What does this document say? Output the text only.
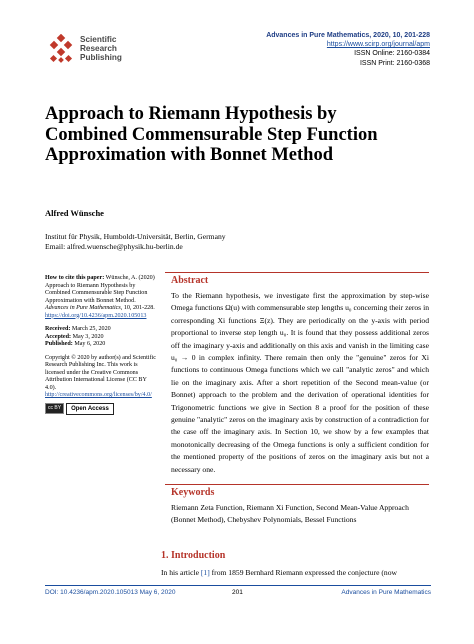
Scientific
Research
Publishing
Advances in Pure Mathematics, 2020, 10, 201-228
https://www.scirp.org/journal/apm
ISSN Online: 2160-0384
ISSN Print: 2160-0368
Approach to Riemann Hypothesis by Combined Commensurable Step Function Approximation with Bonnet Method
Alfred Wünsche
Institut für Physik, Humboldt-Universität, Berlin, Germany
Email: alfred.wuensche@physik.hu-berlin.de

How to cite this paper: Wünsche, A. (2020) Approach to Riemann Hypothesis by Combined Commensurable Step Function Approximation with Bonnet Method. Advances in Pure Mathematics, 10, 201-228. https://doi.org/10.4236/apm.2020.105013

Received: March 25, 2020
Accepted: May 3, 2020
Published: May 6, 2020

Copyright © 2020 by author(s) and Scientific Research Publishing Inc. This work is licensed under the Creative Commons Attribution International License (CC BY 4.0).
http://creativecommons.org/licenses/by/4.0/

cc BY	Open Access

Abstract
To the Riemann hypothesis, we investigate first the approximation by step-wise Omega functions Ω(u) with commensurable step lengths u₀ concerning their zeros in corresponding Xi functions Ξ(z). They are periodically on the y-axis with period proportional to inverse step length u₀. It is found that they possess additional zeros off the imaginary y-axis and additionally on this axis and vanish in the limiting case u₀ → 0 in complex infinity. There remain then only the "genuine" zeros for Xi functions to continuous Omega functions which we call "analytic zeros" and which lie on the imaginary axis. After a short repetition of the Second mean-value (or Bonnet) approach to the problem and the derivation of operational identities for Trigonometric functions we give in Section 8 a proof for the position of these genuine "analytic" zeros on the imaginary axis by construction of a contradiction for the case off the imaginary axis. In Section 10, we show by a few examples that monotonically decreasing of the Omega functions is only a sufficient condition for the mentioned property of the positions of zeros on the imaginary axis but not a necessary one.
Keywords
Riemann Zeta Function, Riemann Xi Function, Second Mean-Value Approach (Bonnet Method), Chebyshev Polynomials, Bessel Functions
1. Introduction
In his article [1] from 1859 Bernhard Riemann expressed the conjecture (now
DOI: 10.4236/apm.2020.105013 May 6, 2020	201	Advances in Pure Mathematics
